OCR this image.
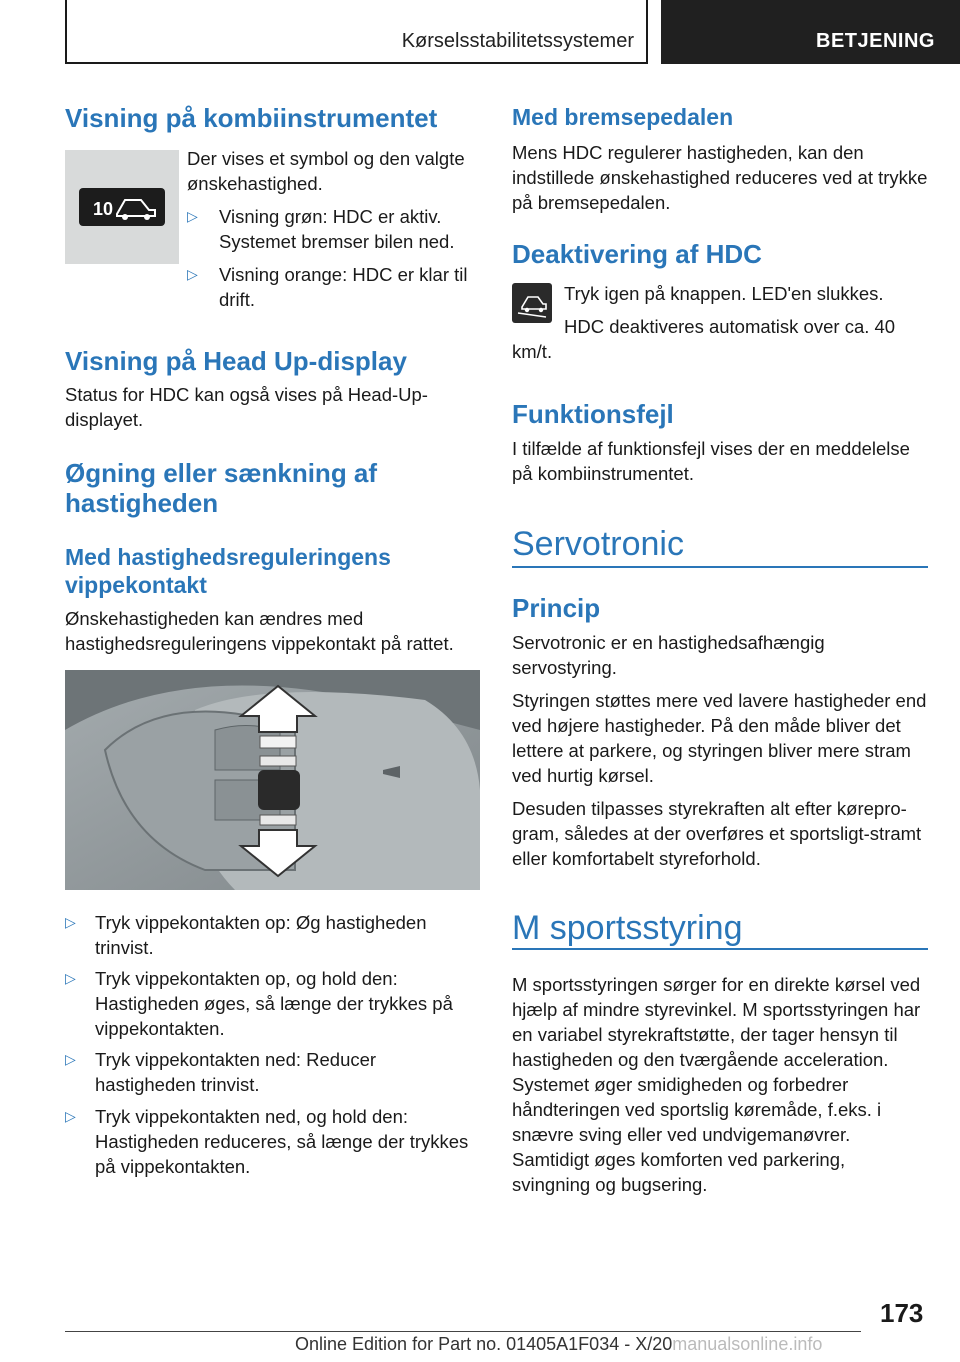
Kørselsstabilitetssystemer	BETJENING
Visning på kombiinstrumentet
10

Der vises et symbol og den valgte ønskehastighed.

▷	Visning grøn: HDC er aktiv. Systemet bremser bilen ned.
▷	Visning orange: HDC er klar til drift.
Visning på Head Up-display

Status for HDC kan også vises på Head-Up-displayet.

Øgning eller sænkning af hastigheden
Med hastighedsreguleringens vippekontakt

Ønskehastigheden kan ændres med hastighedsreguleringens vippekontakt på rattet.

▷	Tryk vippekontakten op: Øg hastigheden trinvist.
▷	Tryk vippekontakten op, og hold den: Hastigheden øges, så længe der trykkes på vippekontakten.
▷	Tryk vippekontakten ned: Reducer hastigheden trinvist.
▷	Tryk vippekontakten ned, og hold den: Hastigheden reduceres, så længe der trykkes på vippekontakten.
Med bremsepedalen

Mens HDC regulerer hastigheden, kan den indstillede ønskehastighed reduceres ved at trykke på bremsepedalen.

Deaktivering af HDC

Tryk igen på knappen. LED'en slukkes.

HDC deaktiveres automatisk over ca. 40 km/t.

Funktionsfejl

I tilfælde af funktionsfejl vises der en meddelelse på kombiinstrumentet.

Servotronic
Princip

Servotronic er en hastighedsafhængig servostyring.

Styringen støttes mere ved lavere hastigheder end ved højere hastigheder. På den måde bliver det lettere at parkere, og styringen bliver mere stram ved hurtig kørsel.

Desuden tilpasses styrekraften alt efter køreprogram, således at der overføres et sportsligt-stramt eller komfortabelt styreforhold.

M sportsstyring

M sportsstyringen sørger for en direkte kørsel ved hjælp af mindre styrevinkel. M sportsstyringen har en variabel styrekraftstøtte, der tager hensyn til hastigheden og den tværgående acceleration. Systemet øger smidigheden og forbedrer håndteringen ved sportslig køremåde, f.eks. i snævre sving eller ved undvigemanøvrer. Samtidigt øges komforten ved parkering, svingning og bugsering.

173
Online Edition for Part no. 01405A1F034 - X/20manualsonline.info
